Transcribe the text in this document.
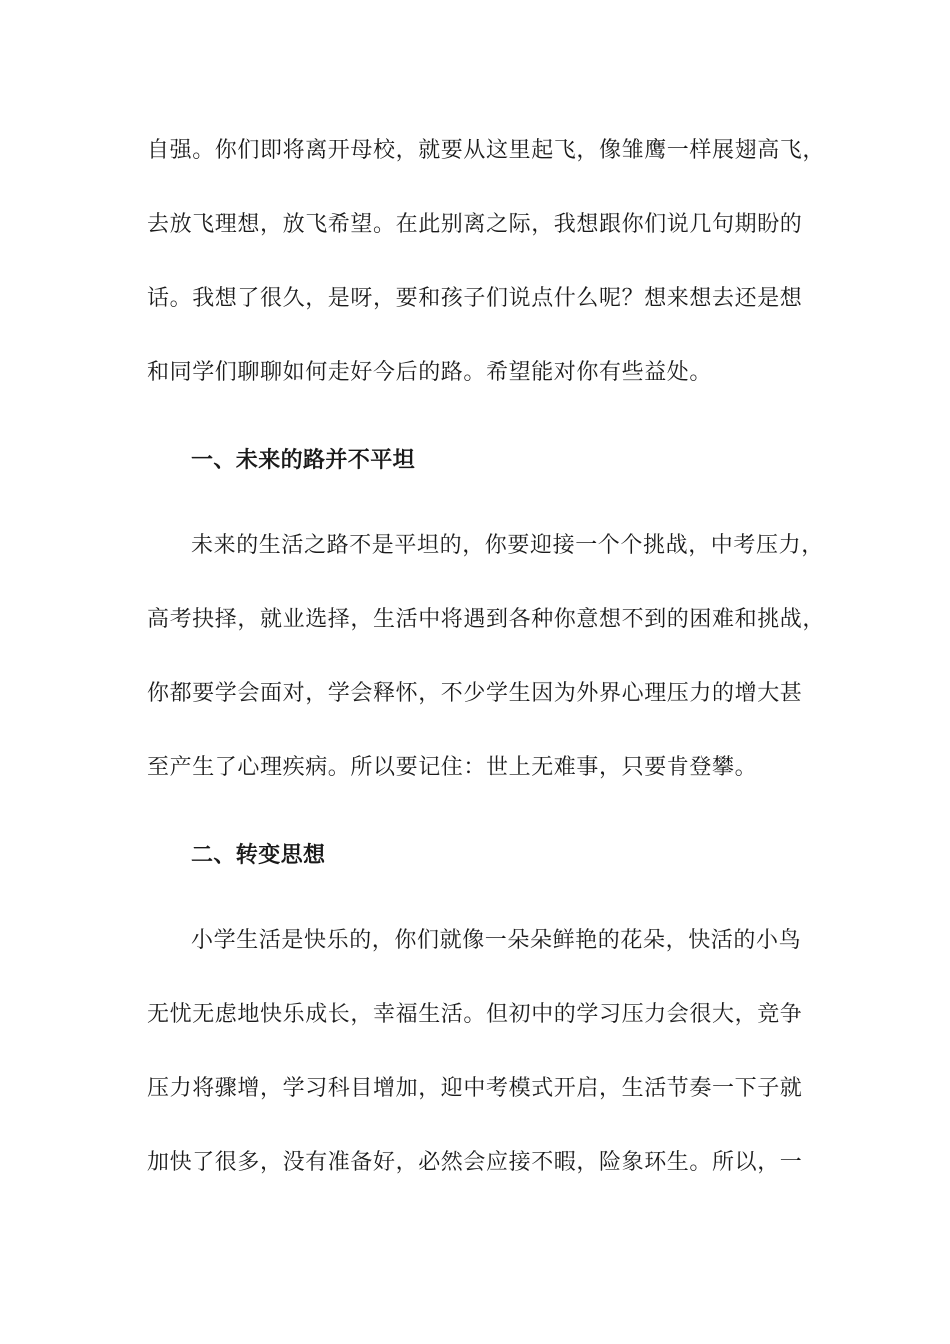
自强。你们即将离开母校，就要从这里起飞，像雏鹰一样展翅高飞，
去放飞理想，放飞希望。在此别离之际，我想跟你们说几句期盼的
话。我想了很久，是呀，要和孩子们说点什么呢？想来想去还是想
和同学们聊聊如何走好今后的路。希望能对你有些益处。
一、未来的路并不平坦
未来的生活之路不是平坦的，你要迎接一个个挑战，中考压力，
高考抉择，就业选择，生活中将遇到各种你意想不到的困难和挑战，
你都要学会面对，学会释怀，不少学生因为外界心理压力的增大甚
至产生了心理疾病。所以要记住：世上无难事，只要肯登攀。
二、转变思想
小学生活是快乐的，你们就像一朵朵鲜艳的花朵，快活的小鸟
无忧无虑地快乐成长，幸福生活。但初中的学习压力会很大，竞争
压力将骤增，学习科目增加，迎中考模式开启，生活节奏一下子就
加快了很多，没有准备好，必然会应接不暇，险象环生。所以，一
